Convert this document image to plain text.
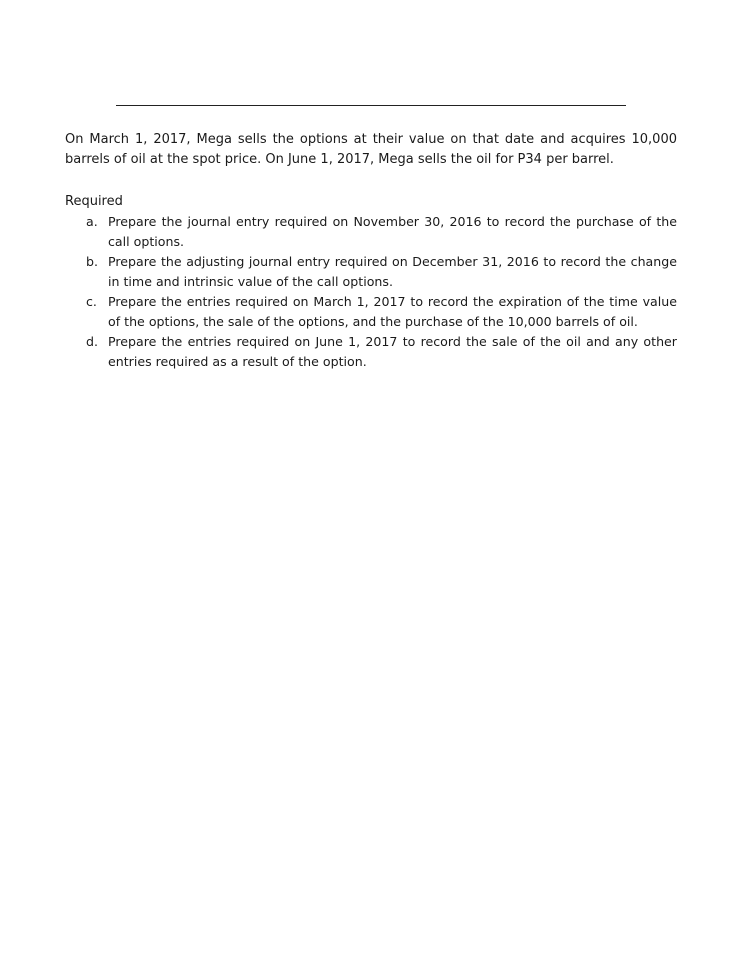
On March 1, 2017, Mega sells the options at their value on that date and acquires 10,000 barrels of oil at the spot price. On June 1, 2017, Mega sells the oil for P34 per barrel.

Required

a. Prepare the journal entry required on November 30, 2016 to record the purchase of the call options.
b. Prepare the adjusting journal entry required on December 31, 2016 to record the change in time and intrinsic value of the call options.
c. Prepare the entries required on March 1, 2017 to record the expiration of the time value of the options, the sale of the options, and the purchase of the 10,000 barrels of oil.
d. Prepare the entries required on June 1, 2017 to record the sale of the oil and any other entries required as a result of the option.
